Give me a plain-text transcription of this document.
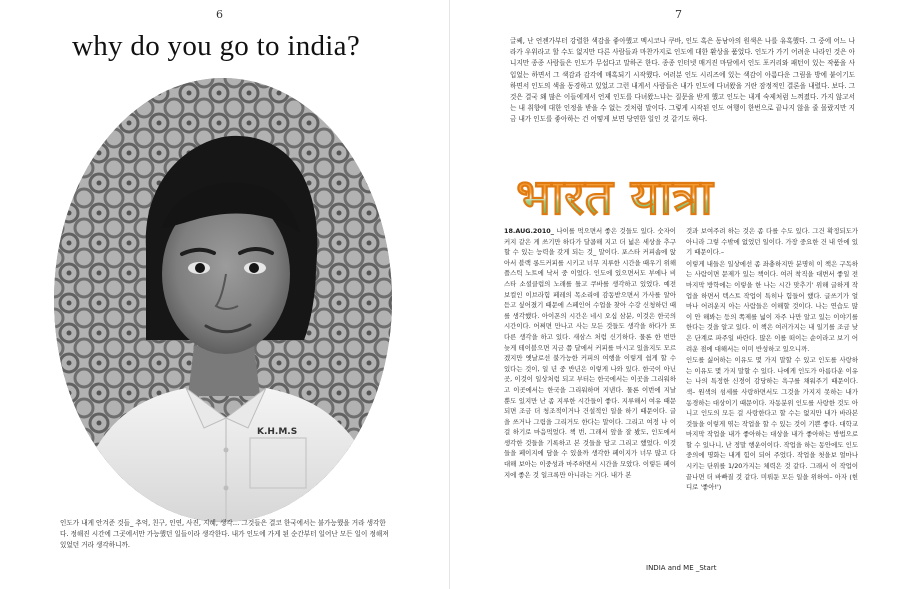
6
why do you go to india?
K.H.M.S
인도가 내게 안겨준 것들_ 추억, 친구, 인연, 사진, 지혜, 생각… 그것들은 결코 한국에서는 불가능했을 거라 생각한다. 정해진 시간에 그곳에서만 가능했던 일들이라 생각한다. 내가 인도에 가게 된 순간부터 일어난 모든 일이 정해져 있었던 거라 생각하니까.
7
글쎄, 난 언젠가부터 강렬한 색감을 좋아했고 멕시코나 쿠바, 인도 혹은 동남아의 원색은 나를 유혹했다. 그 중에 어느 나라가 우위라고 할 수도 없지만 다른 사람들과 마찬가지로 인도에 대한 환상을 품었다. 인도가 가기 어려운 나라인 것은 아니지만 종종 사람들은 인도가 무섭다고 말하곤 한다. 종종 인터넷 매거진 마담에서 인도 포커리와 패턴이 있는 작품을 사 입었는 하면서 그 색감과 감각에 매혹되기 시작했다. 여러분 인도 시리즈에 있는 색감이 아름다운 그림을 방에 붙이기도 하면서 인도의 색을 동경하고 있었고 그런 내게서 사람들은 내가 인도에 다녀왔을 거란 잠정적인 결론을 내렸다. 보다. 그것은 결국 왜 많은 이들에게서 언제 인도를 다녀왔느냐는 질문을 받게 했고 인도는 내게 숙제처럼 느껴졌다. 가지 않고서는 내 취향에 대한 인정을 받을 수 없는 것처럼 말이다. 그렇게 시작된 인도 여행이 한번으로 끝나지 않을 줄 몰랐지만 지금 내가 인도를 좋아하는 건 어떻게 보면 당연한 일인 것 같기도 하다.
भारत यात्रा

18.AUG.2010_ 나이를 먹으면서 좋은 것들도 있다. 숫자이 커지 같은 게 쓰기만 하다가 달콤해 지고 더 넓은 세상을 추구할 수 있는 능력을 갖게 되는 것_ 말이다. 포스타 커피숍에 앉아서 블랙 롱드커피를 시키고 너무 지루한 시간을 때우기 위해 플스틱 노트에 낙서 중 이었다. 인도에 있으면서도 부에나 비스타 소셜클럽의 노래를 틀고 쿠바를 생각하고 있었다. 예전 보컬인 이브라힘 페레의 목소리에 감동받으면서 가사를 알아듣고 싶어졌기 때문에 스페인어 수업을 찾아 수강 신청하던 때를 생각했다. 아이폰의 시간은 네시 오십 삼분, 이것은 한국의 시간이다. 어쩌면 만나고 사는 모든 것들도 생각을 하다가 또 다른 생각을 하고 있다. 새삼스 처럼 신기하다. 물론 한 번만 늦게 테이블으면 지금 쯤 달에서 커피를 마시고 있을지도 모르겠지만 옛날로선 불가능한 커피의 여행을 이렇게 쉽게 할 수 있다는 것이, 일 년 중 반년은 이렇게 나와 있다. 한국이 아닌 곳, 이것이 일상처럼 되고 부터는 한국에서는 이곳을 그리워하고 이곳에서는 한국을 그리워하며 지낸다. 물론 이번에 지날 뿐도 있지만 난 좀 지루한 시간들이 좋다. 지루해서 여유 때문 되면 조금 더 청조적이거나 건설적인 일을 하기 때문이다. 글을 쓰거나 그림을 그리거도 한다는 말이다. 그리고 여정 나 이걸 하기로 마음먹었다. 책 번, 그래서 앞을 잘 봤도, 인도에서 생각한 것들을 기록하고 본 것들을 담고 그리고 했었다. 이것들을 페이지에 담을 수 있을까 생각한 페이지가 너무 많고 다 대해 보아는 이중성과 마주하면서 시간을 모았다. 이렇든 페이지에 좋은 것 일크록만 아니라는 거다. 내가 본

것과 보여주려 하는 것은 좀 다를 수도 있다. 그건 확정되도가 아니라 그렇 수밖에 없었던 일이다. 가장 중요한 건 내 안에 있기 때문이다.–

이렇게 내들은 일상에선 좀 좌충하지만 분명히 이 책은 구독하는 사람이면 문제가 있는 책이다. 여러 착직을 대변서 좋일 전 마지막 방학에는 이렇을 한 나는 시간 맞추기' 위해 글하게 작업을 하면서 텍스트 작업이 특히나 힘들어 했다. 글쓰기가 얼마나 어려운지 아는 사람들은 이해할 것이다. 나는 연습도 많이 안 해봐는 등의 쪽제를 넓이 자주 나만 알고 있는 이야기를 한다는 것을 알고 있다. 이 책은 여러가지는 내 일기를 조금 낮은 단계로 파주일 바란다. 많은 이를 떠이는 순이라고 보기 어려운 점에 대해서는 이미 반성하고 있으니까.

인도를 싫어하는 이유도 몇 가지 말할 수 있고 인도를 사랑하는 이유도 몇 가지 말할 수 있다. 나에게 인도가 아름다운 이유는 나의 특정한 신경이 감당하는 욕구를 채워주기 때문이다. 색– 원색의 섬세를 사랑하면서도 그것을 가지지 못하는 내가 동경하는 대상이기 때문이다. 자동분위 인도를 사랑한 것도 아니고 인도의 모든 걸 사랑한다고 할 수는 없지만 내가 바라본 것들을 이렇게 엮는 작업을 할 수 있는 것이 기쁜 좋다. 대학교 마지막 작업을 내가 좋아하는 대상을 내가 좋아하는 방법으로 할 수 있나니, 난 정말 행운이이다. 작업을 하는 동안에도 인도 중의에 명화는 내게 힘이 되어 주었다. 작업을 첫을보 얼마나 시키는 단위를 1/20가지는 체력은 것 같다. 그래서 이 작업이 끝나면 더 바빠질 것 같다. 미뤄둔 모든 일을 위하여– 아자 (힌디로 '좋아!')

INDIA and ME _Start
